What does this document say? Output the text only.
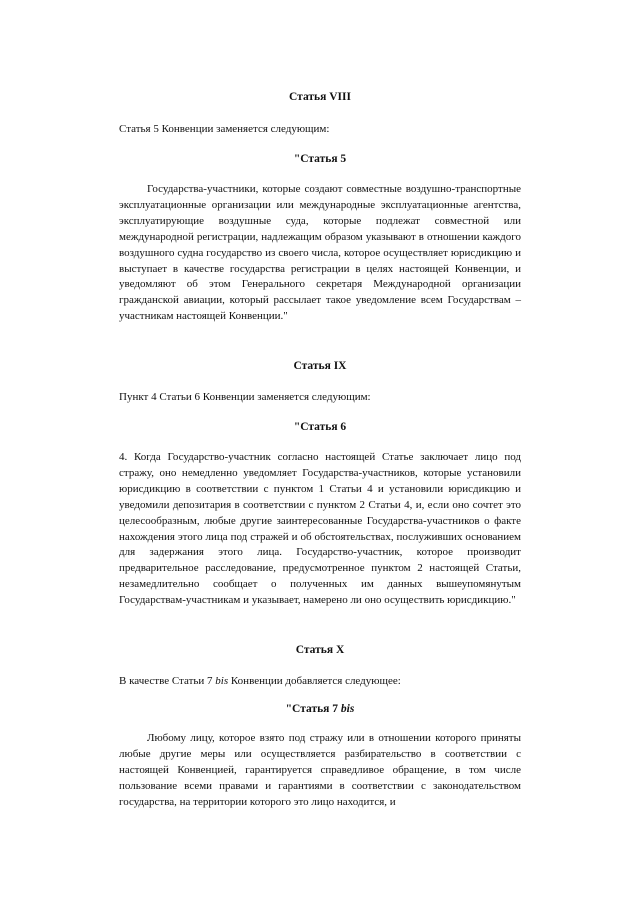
Статья VIII
Статья 5 Конвенции заменяется следующим:
"Статья 5
Государства-участники, которые создают совместные воздушно-транспортные эксплуатационные организации или международные эксплуатационные агентства, эксплуатирующие воздушные суда, которые подлежат совместной или международной регистрации, надлежащим образом указывают в отношении каждого воздушного судна государство из своего числа, которое осуществляет юрисдикцию и выступает в качестве государства регистрации в целях настоящей Конвенции, и уведомляют об этом Генерального секретаря Международной организации гражданской авиации, который рассылает такое уведомление всем Государствам –участникам настоящей Конвенции."
Статья IX
Пункт 4 Статьи 6 Конвенции заменяется следующим:
"Статья 6
4. Когда Государство-участник согласно настоящей Статье заключает лицо под стражу, оно немедленно уведомляет Государства-участников, которые установили юрисдикцию в соответствии с пунктом 1 Статьи 4 и установили юрисдикцию и уведомили депозитария в соответствии с пунктом 2 Статьи 4, и, если оно сочтет это целесообразным, любые другие заинтересованные Государства-участников о факте нахождения этого лица под стражей и об обстоятельствах, послуживших основанием для задержания этого лица. Государство-участник, которое производит предварительное расследование, предусмотренное пунктом 2 настоящей Статьи, незамедлительно сообщает о полученных им данных вышеупомянутым Государствам-участникам и указывает, намерено ли оно осуществить юрисдикцию."
Статья X
В качестве Статьи 7 bis Конвенции добавляется следующее:
"Статья 7 bis
Любому лицу, которое взято под стражу или в отношении которого приняты любые другие меры или осуществляется разбирательство в соответствии с настоящей Конвенцией, гарантируется справедливое обращение, в том числе пользование всеми правами и гарантиями в соответствии с законодательством государства, на территории которого это лицо находится, и
